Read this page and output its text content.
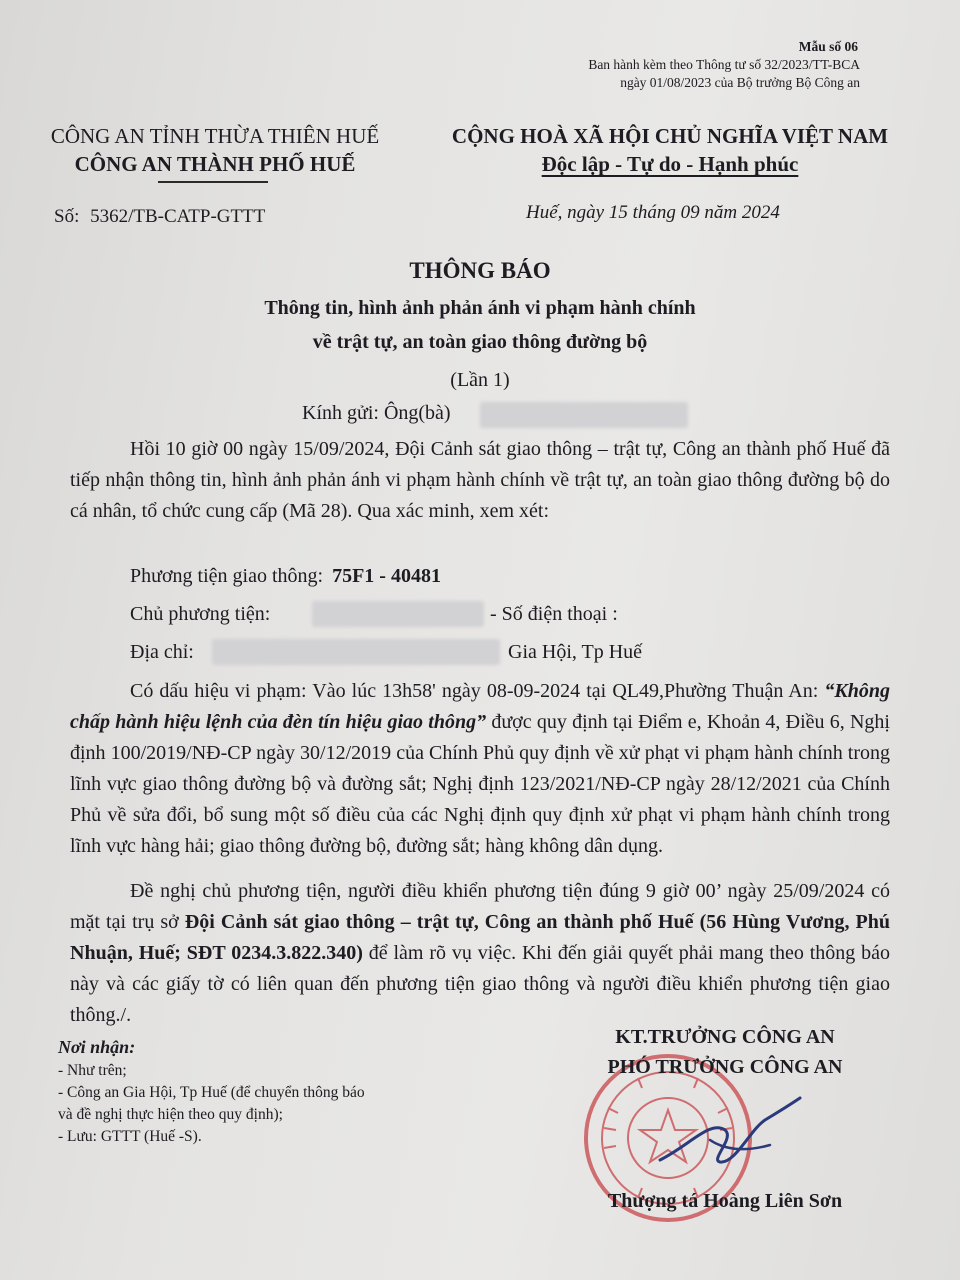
Mẫu số 06
Ban hành kèm theo Thông tư số 32/2023/TT-BCA
ngày 01/08/2023 của Bộ trưởng Bộ Công an
CÔNG AN TỈNH THỪA THIÊN HUẾ
CÔNG AN THÀNH PHỐ HUẾ
CỘNG HOÀ XÃ HỘI CHỦ NGHĨA VIỆT NAM
Độc lập - Tự do - Hạnh phúc
Số: 5362/TB-CATP-GTTT	Huế, ngày 15 tháng 09 năm 2024
THÔNG BÁO
Thông tin, hình ảnh phản ánh vi phạm hành chính
về trật tự, an toàn giao thông đường bộ
(Lần 1)
Kính gửi: Ông(bà)
Hồi 10 giờ 00 ngày 15/09/2024, Đội Cảnh sát giao thông – trật tự, Công an thành phố Huế đã tiếp nhận thông tin, hình ảnh phản ánh vi phạm hành chính về trật tự, an toàn giao thông đường bộ do cá nhân, tổ chức cung cấp (Mã 28). Qua xác minh, xem xét:
Phương tiện giao thông: 75F1 - 40481
Chủ phương tiện:	- Số điện thoại :
Địa chỉ:	Gia Hội, Tp Huế
Có dấu hiệu vi phạm: Vào lúc 13h58' ngày 08-09-2024 tại QL49,Phường Thuận An: “Không chấp hành hiệu lệnh của đèn tín hiệu giao thông” được quy định tại Điểm e, Khoản 4, Điều 6, Nghị định 100/2019/NĐ-CP ngày 30/12/2019 của Chính Phủ quy định về xử phạt vi phạm hành chính trong lĩnh vực giao thông đường bộ và đường sắt; Nghị định 123/2021/NĐ-CP ngày 28/12/2021 của Chính Phủ về sửa đổi, bổ sung một số điều của các Nghị định quy định xử phạt vi phạm hành chính trong lĩnh vực hàng hải; giao thông đường bộ, đường sắt; hàng không dân dụng.
Đề nghị chủ phương tiện, người điều khiển phương tiện đúng 9 giờ 00’ ngày 25/09/2024 có mặt tại trụ sở Đội Cảnh sát giao thông – trật tự, Công an thành phố Huế (56 Hùng Vương, Phú Nhuận, Huế; SĐT 0234.3.822.340) để làm rõ vụ việc. Khi đến giải quyết phải mang theo thông báo này và các giấy tờ có liên quan đến phương tiện giao thông và người điều khiển phương tiện giao thông./.
Nơi nhận:
- Như trên;
- Công an Gia Hội, Tp Huế (để chuyển thông báo
và đề nghị thực hiện theo quy định);
- Lưu: GTTT (Huế -S).
KT.TRƯỞNG CÔNG AN
PHÓ TRƯỞNG CÔNG AN
Thượng tá Hoàng Liên Sơn
